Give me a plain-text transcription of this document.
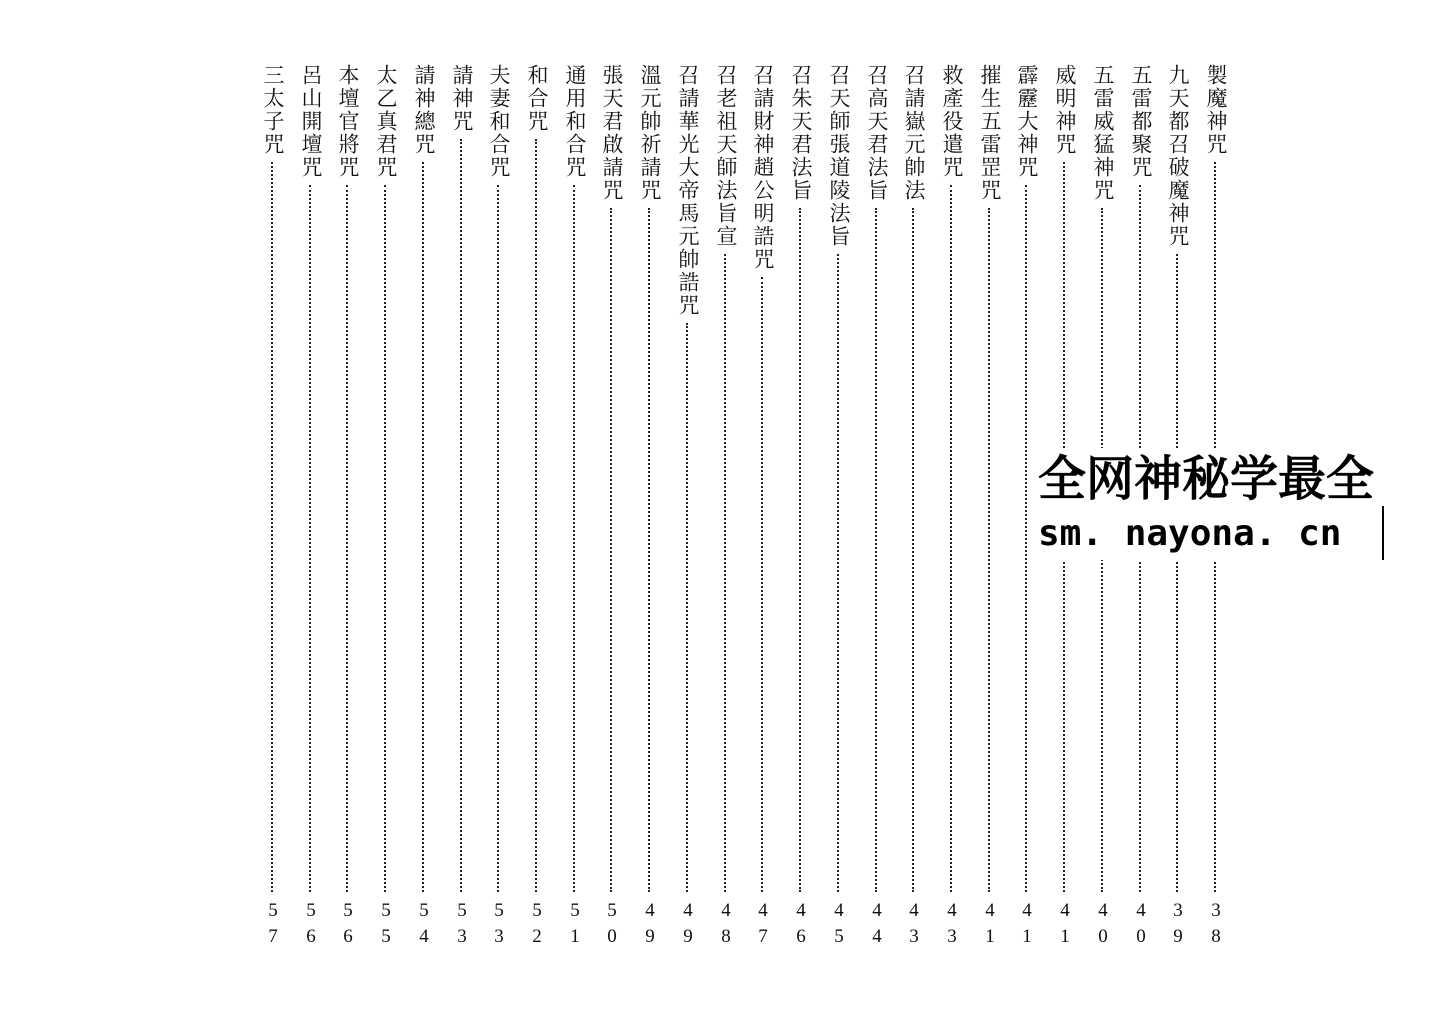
製魔神咒
3
8
九天都召破魔神咒
3
9
五雷都聚咒
4
0
五雷威猛神咒
4
0
威明神咒
4
1
霹靂大神咒
4
1
摧生五雷罡咒
4
1
救產役遣咒
4
3
召請嶽元帥法
4
3
召高天君法旨
4
4
召天師張道陵法旨
4
5
召朱天君法旨
4
6
召請財神趙公明誥咒
4
7
召老祖天師法旨宣
4
8
召請華光大帝馬元帥誥咒
4
9
溫元帥祈請咒
4
9
張天君啟請咒
5
0
通用和合咒
5
1
和合咒
5
2
夫妻和合咒
5
3
請神咒
5
3
請神總咒
5
4
太乙真君咒
5
5
本壇官將咒
5
6
呂山開壇咒
5
6
三太子咒
5
7
全网神秘学最全
sm. nayona. cn
